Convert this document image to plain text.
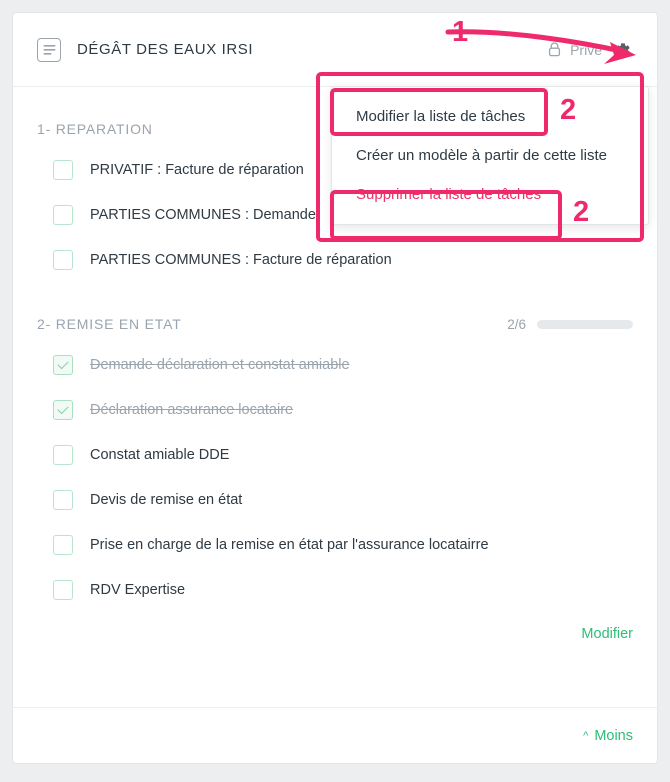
DÉGÂT DES EAUX IRSI	Privé
1- REPARATION
PRIVATIF : Facture de réparation
PARTIES COMMUNES : Demande
PARTIES COMMUNES : Facture de réparation
2- REMISE EN ETAT	2/6
Demande déclaration et constat amiable
Déclaration assurance locataire
Constat amiable DDE
Devis de remise en état
Prise en charge de la remise en état par l'assurance locatairre
RDV Expertise
Modifier
^ Moins
Modifier la liste de tâches
Créer un modèle à partir de cette liste
Supprimer la liste de tâches
1
2
2
